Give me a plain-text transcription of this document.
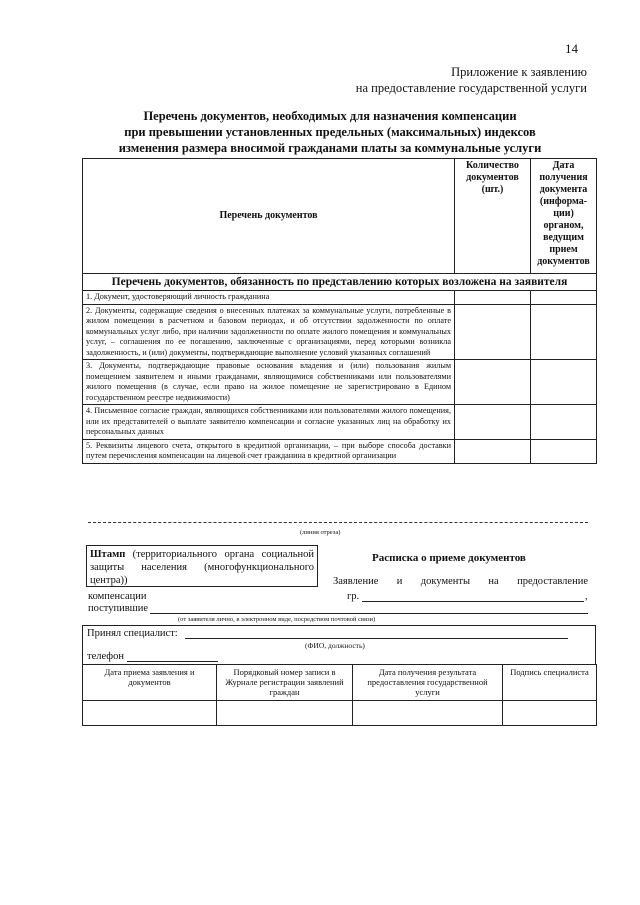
14
Приложение к заявлению
на предоставление государственной услуги
Перечень документов, необходимых для назначения компенсации
при превышении установленных предельных (максимальных) индексов
изменения размера вносимой гражданами платы за коммунальные услуги
Перечень документов	Количество документов (шт.)	Дата получения документа (информа-ции) органом, ведущим прием документов
Перечень документов, обязанность по представлению которых возложена на заявителя		
1. Документ, удостоверяющий личность гражданина		
2. Документы, содержащие сведения о внесенных платежах за коммунальные услуги, потребленные в жилом помещении в расчетном и базовом периодах, и об отсутствии задолженности по оплате коммунальных услуг либо, при наличии задолженности по оплате жилого помещения и коммунальных услуг, – соглашения по ее погашению, заключенные с организациями, перед которыми возникла задолженность, и (или) документы, подтверждающие выполнение условий указанных соглашений		
3. Документы, подтверждающие правовые основания владения и (или) пользования жилым помещением заявителем и иными гражданами, являющимися собственниками или пользователями жилого помещения (в случае, если право на жилое помещение не зарегистрировано в Едином государственном реестре недвижимости)		
4. Письменное согласие граждан, являющихся собственниками или пользователями жилого помещения, или их представителей о выплате заявителю компенсации и согласие указанных лиц на обработку их персональных данных		
5. Реквизиты лицевого счета, открытого в кредитной организации, – при выборе способа доставки путем перечисления компенсации на лицевой счет гражданина в кредитной организации		
(линия отреза)
Штамп (территориального органа социальной защиты населения (многофункционального центра))
Расписка о приеме документов
Заявление и документы на предоставление
компенсации	гр.	,
поступившие
(от заявителя лично, в электронном виде, посредством почтовой связи)
Принял специалист:
(ФИО, должность)
телефон
Дата приема заявления и документов	Порядковый номер записи в Журнале регистрации заявлений граждан	Дата получения результата предоставления государственной услуги	Подпись специалиста
